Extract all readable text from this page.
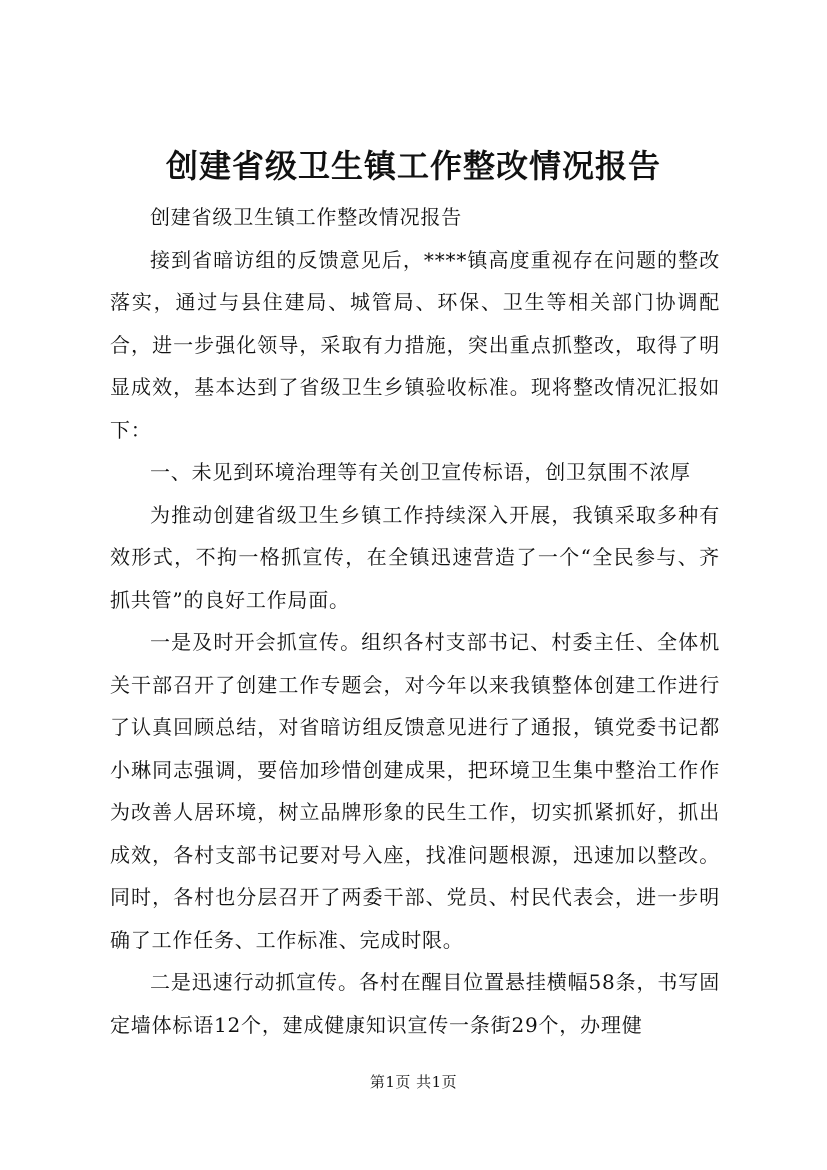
创建省级卫生镇工作整改情况报告

创建省级卫生镇工作整改情况报告

接到省暗访组的反馈意见后，****镇高度重视存在问题的整改落实，通过与县住建局、城管局、环保、卫生等相关部门协调配合，进一步强化领导，采取有力措施，突出重点抓整改，取得了明显成效，基本达到了省级卫生乡镇验收标准。现将整改情况汇报如下：

一、未见到环境治理等有关创卫宣传标语，创卫氛围不浓厚

为推动创建省级卫生乡镇工作持续深入开展，我镇采取多种有效形式，不拘一格抓宣传，在全镇迅速营造了一个“全民参与、齐抓共管”的良好工作局面。

一是及时开会抓宣传。组织各村支部书记、村委主任、全体机关干部召开了创建工作专题会，对今年以来我镇整体创建工作进行了认真回顾总结，对省暗访组反馈意见进行了通报，镇党委书记都小琳同志强调，要倍加珍惜创建成果，把环境卫生集中整治工作作为改善人居环境，树立品牌形象的民生工作，切实抓紧抓好，抓出成效，各村支部书记要对号入座，找准问题根源，迅速加以整改。同时，各村也分层召开了两委干部、党员、村民代表会，进一步明确了工作任务、工作标准、完成时限。

二是迅速行动抓宣传。各村在醒目位置悬挂横幅58条，书写固定墙体标语12个，建成健康知识宣传一条街29个，办理健

第1页 共1页
